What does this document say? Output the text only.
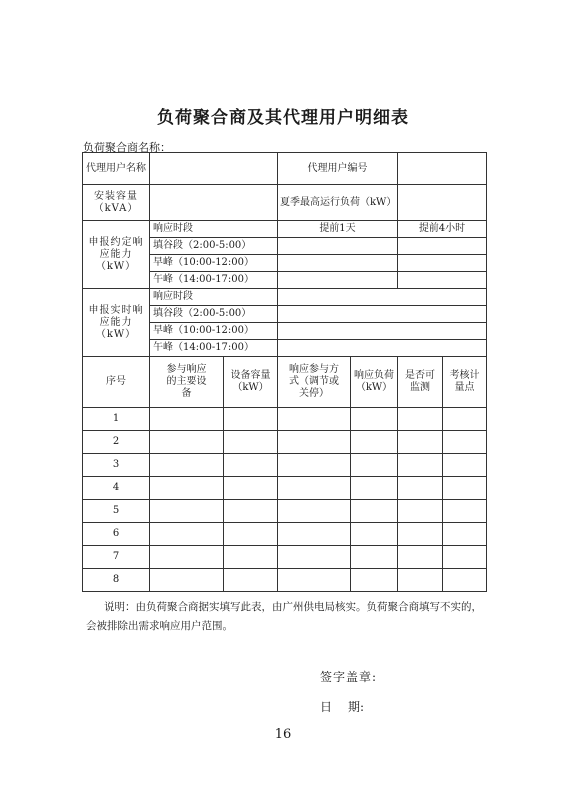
负荷聚合商及其代理用户明细表
负荷聚合商名称：
代理用户名称			代理用户编号			
安装容量（kVA）			夏季最高运行负荷（kW）			
申报约定响应能力（kW）	响应时段		提前1天		提前4小时	
	填谷段（2:00-5:00）					
	早峰（10:00-12:00）					
	午峰（14:00-17:00）					
申报实时响应能力（kW）	响应时段					
	填谷段（2:00-5:00）					
	早峰（10:00-12:00）					
	午峰（14:00-17:00）					
序号	参与响应的主要设备	设备容量（kW）	响应参与方式（调节或关停）	响应负荷（kW）	是否可监测	考核计量点
1						
2						
3						
4						
5						
6						
7						
8						
说明：由负荷聚合商据实填写此表，由广州供电局核实。负荷聚合商填写不实的，会被排除出需求响应用户范围。
签字盖章:
日 期:
16
